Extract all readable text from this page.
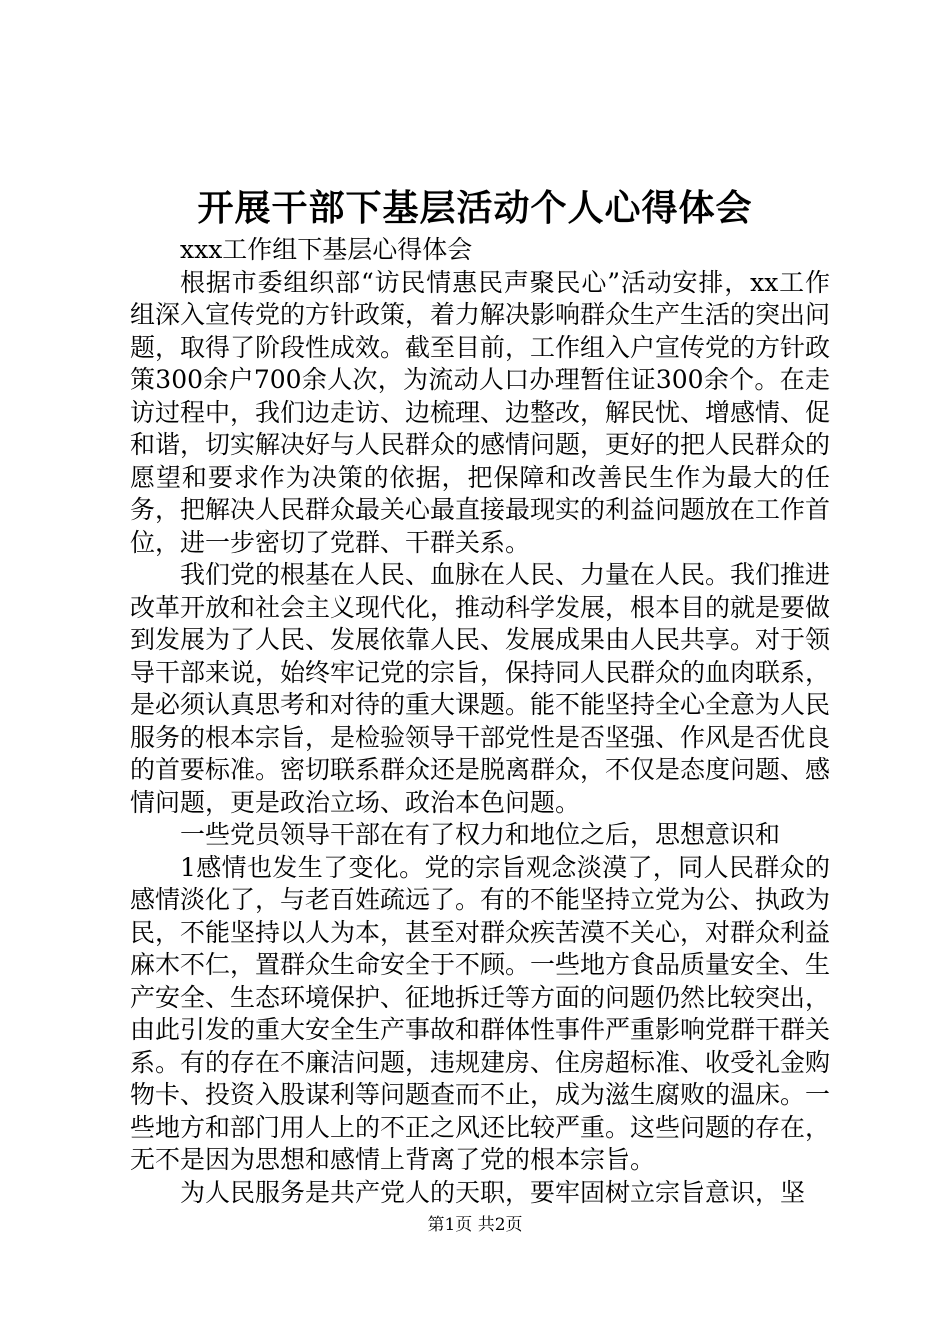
开展干部下基层活动个人心得体会

xxx工作组下基层心得体会

根据市委组织部“访民情惠民声聚民心”活动安排，xx工作组深入宣传党的方针政策，着力解决影响群众生产生活的突出问题，取得了阶段性成效。截至目前，工作组入户宣传党的方针政策300余户700余人次，为流动人口办理暂住证300余个。在走访过程中，我们边走访、边梳理、边整改，解民忧、增感情、促和谐，切实解决好与人民群众的感情问题，更好的把人民群众的愿望和要求作为决策的依据，把保障和改善民生作为最大的任务，把解决人民群众最关心最直接最现实的利益问题放在工作首位，进一步密切了党群、干群关系。

我们党的根基在人民、血脉在人民、力量在人民。我们推进改革开放和社会主义现代化，推动科学发展，根本目的就是要做到发展为了人民、发展依靠人民、发展成果由人民共享。对于领导干部来说，始终牢记党的宗旨，保持同人民群众的血肉联系，是必须认真思考和对待的重大课题。能不能坚持全心全意为人民服务的根本宗旨，是检验领导干部党性是否坚强、作风是否优良的首要标准。密切联系群众还是脱离群众，不仅是态度问题、感情问题，更是政治立场、政治本色问题。

一些党员领导干部在有了权力和地位之后，思想意识和

1感情也发生了变化。党的宗旨观念淡漠了，同人民群众的感情淡化了，与老百姓疏远了。有的不能坚持立党为公、执政为民，不能坚持以人为本，甚至对群众疾苦漠不关心，对群众利益麻木不仁，置群众生命安全于不顾。一些地方食品质量安全、生产安全、生态环境保护、征地拆迁等方面的问题仍然比较突出，由此引发的重大安全生产事故和群体性事件严重影响党群干群关系。有的存在不廉洁问题，违规建房、住房超标准、收受礼金购物卡、投资入股谋利等问题查而不止，成为滋生腐败的温床。一些地方和部门用人上的不正之风还比较严重。这些问题的存在，无不是因为思想和感情上背离了党的根本宗旨。

为人民服务是共产党人的天职，要牢固树立宗旨意识，坚

第1页 共2页
